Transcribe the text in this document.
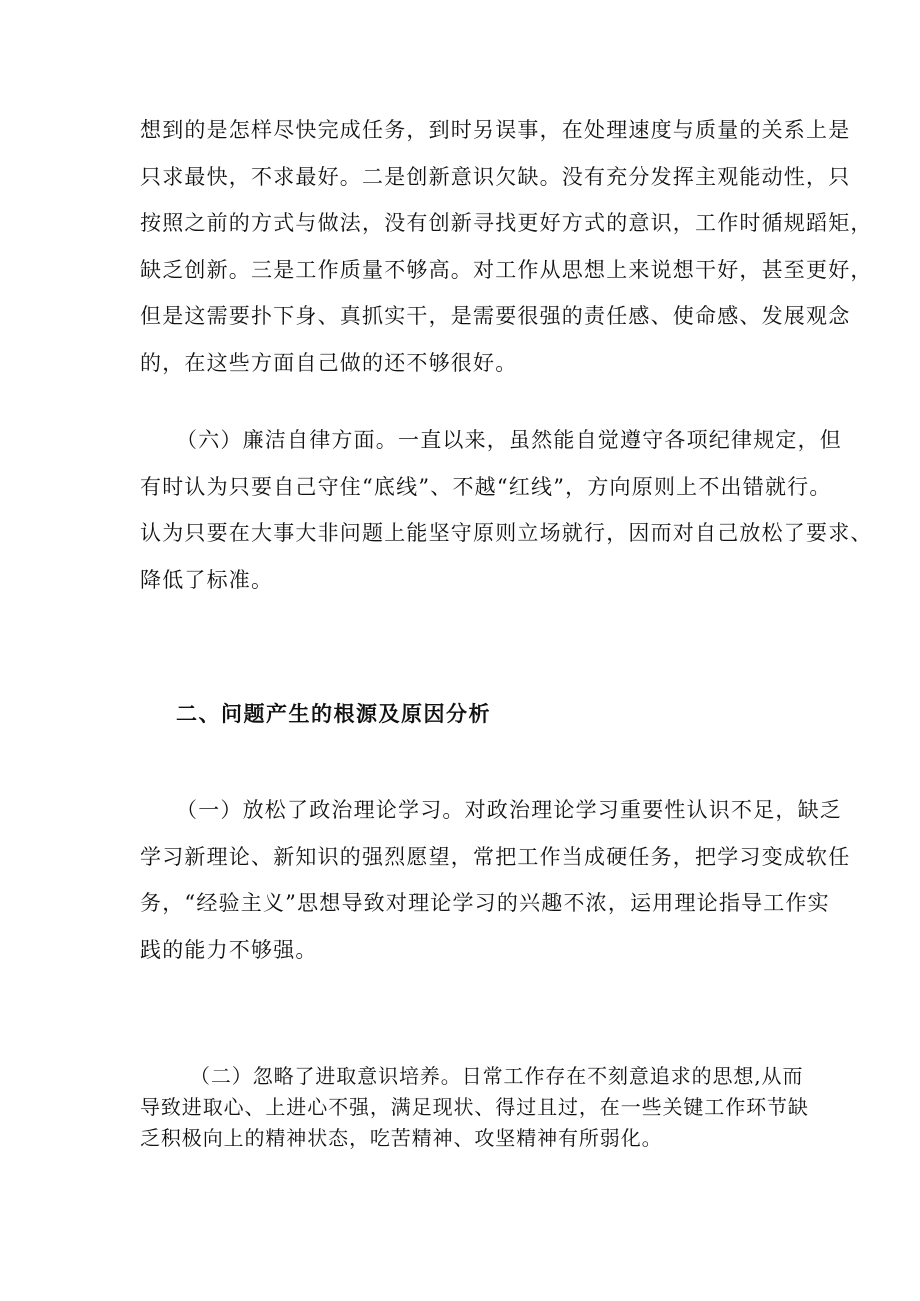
想到的是怎样尽快完成任务，到时另误事，在处理速度与质量的关系上是
只求最快，不求最好。二是创新意识欠缺。没有充分发挥主观能动性，只
按照之前的方式与做法，没有创新寻找更好方式的意识，工作时循规蹈矩，
缺乏创新。三是工作质量不够高。对工作从思想上来说想干好，甚至更好，
但是这需要扑下身、真抓实干，是需要很强的责任感、使命感、发展观念
的，在这些方面自己做的还不够很好。
（六）廉洁自律方面。一直以来，虽然能自觉遵守各项纪律规定，但
有时认为只要自己守住“底线”、不越“红线”，方向原则上不出错就行。
认为只要在大事大非问题上能坚守原则立场就行，因而对自己放松了要求、
降低了标准。
二、问题产生的根源及原因分析
（一）放松了政治理论学习。对政治理论学习重要性认识不足，缺乏
学习新理论、新知识的强烈愿望，常把工作当成硬任务，把学习变成软任
务，“经验主义”思想导致对理论学习的兴趣不浓，运用理论指导工作实
践的能力不够强。
（二）忽略了进取意识培养。日常工作存在不刻意追求的思想,从而
导致进取心、上进心不强，满足现状、得过且过，在一些关键工作环节缺
乏积极向上的精神状态，吃苦精神、攻坚精神有所弱化。
